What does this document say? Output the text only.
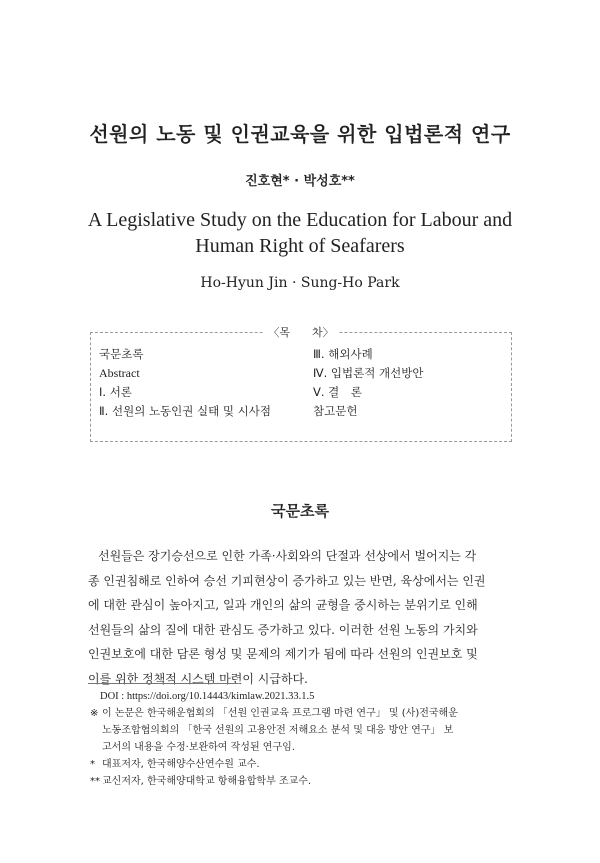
선원의 노동 및 인권교육을 위한 입법론적 연구
진호현* · 박성호**
A Legislative Study on the Education for Labour and
Human Right of Seafarers
Ho-Hyun Jin · Sung-Ho Park
〈목　　차〉
국문초록
Abstract
Ⅰ. 서론
Ⅱ. 선원의 노동인권 실태 및 시사점
Ⅲ. 해외사례
Ⅳ. 입법론적 개선방안
Ⅴ. 결　론
참고문헌
국문초록
선원들은 장기승선으로 인한 가족·사회와의 단절과 선상에서 벌어지는 각
종 인권침해로 인하여 승선 기피현상이 증가하고 있는 반면, 육상에서는 인권
에 대한 관심이 높아지고, 일과 개인의 삶의 균형을 중시하는 분위기로 인해
선원들의 삶의 질에 대한 관심도 증가하고 있다. 이러한 선원 노동의 가치와
인권보호에 대한 담론 형성 및 문제의 제기가 됨에 따라 선원의 인권보호 및
이를 위한 정책적 시스템 마련이 시급하다.
DOI : https://doi.org/10.14443/kimlaw.2021.33.1.5
※ 이 논문은 한국해운협회의 「선원 인권교육 프로그램 마련 연구」 및 (사)전국해운
노동조합협의회의 「한국 선원의 고용안전 저해요소 분석 및 대응 방안 연구」 보
고서의 내용을 수정·보완하여 작성된 연구임.
* 대표저자, 한국해양수산연수원 교수.
** 교신저자, 한국해양대학교 항해융합학부 조교수.
